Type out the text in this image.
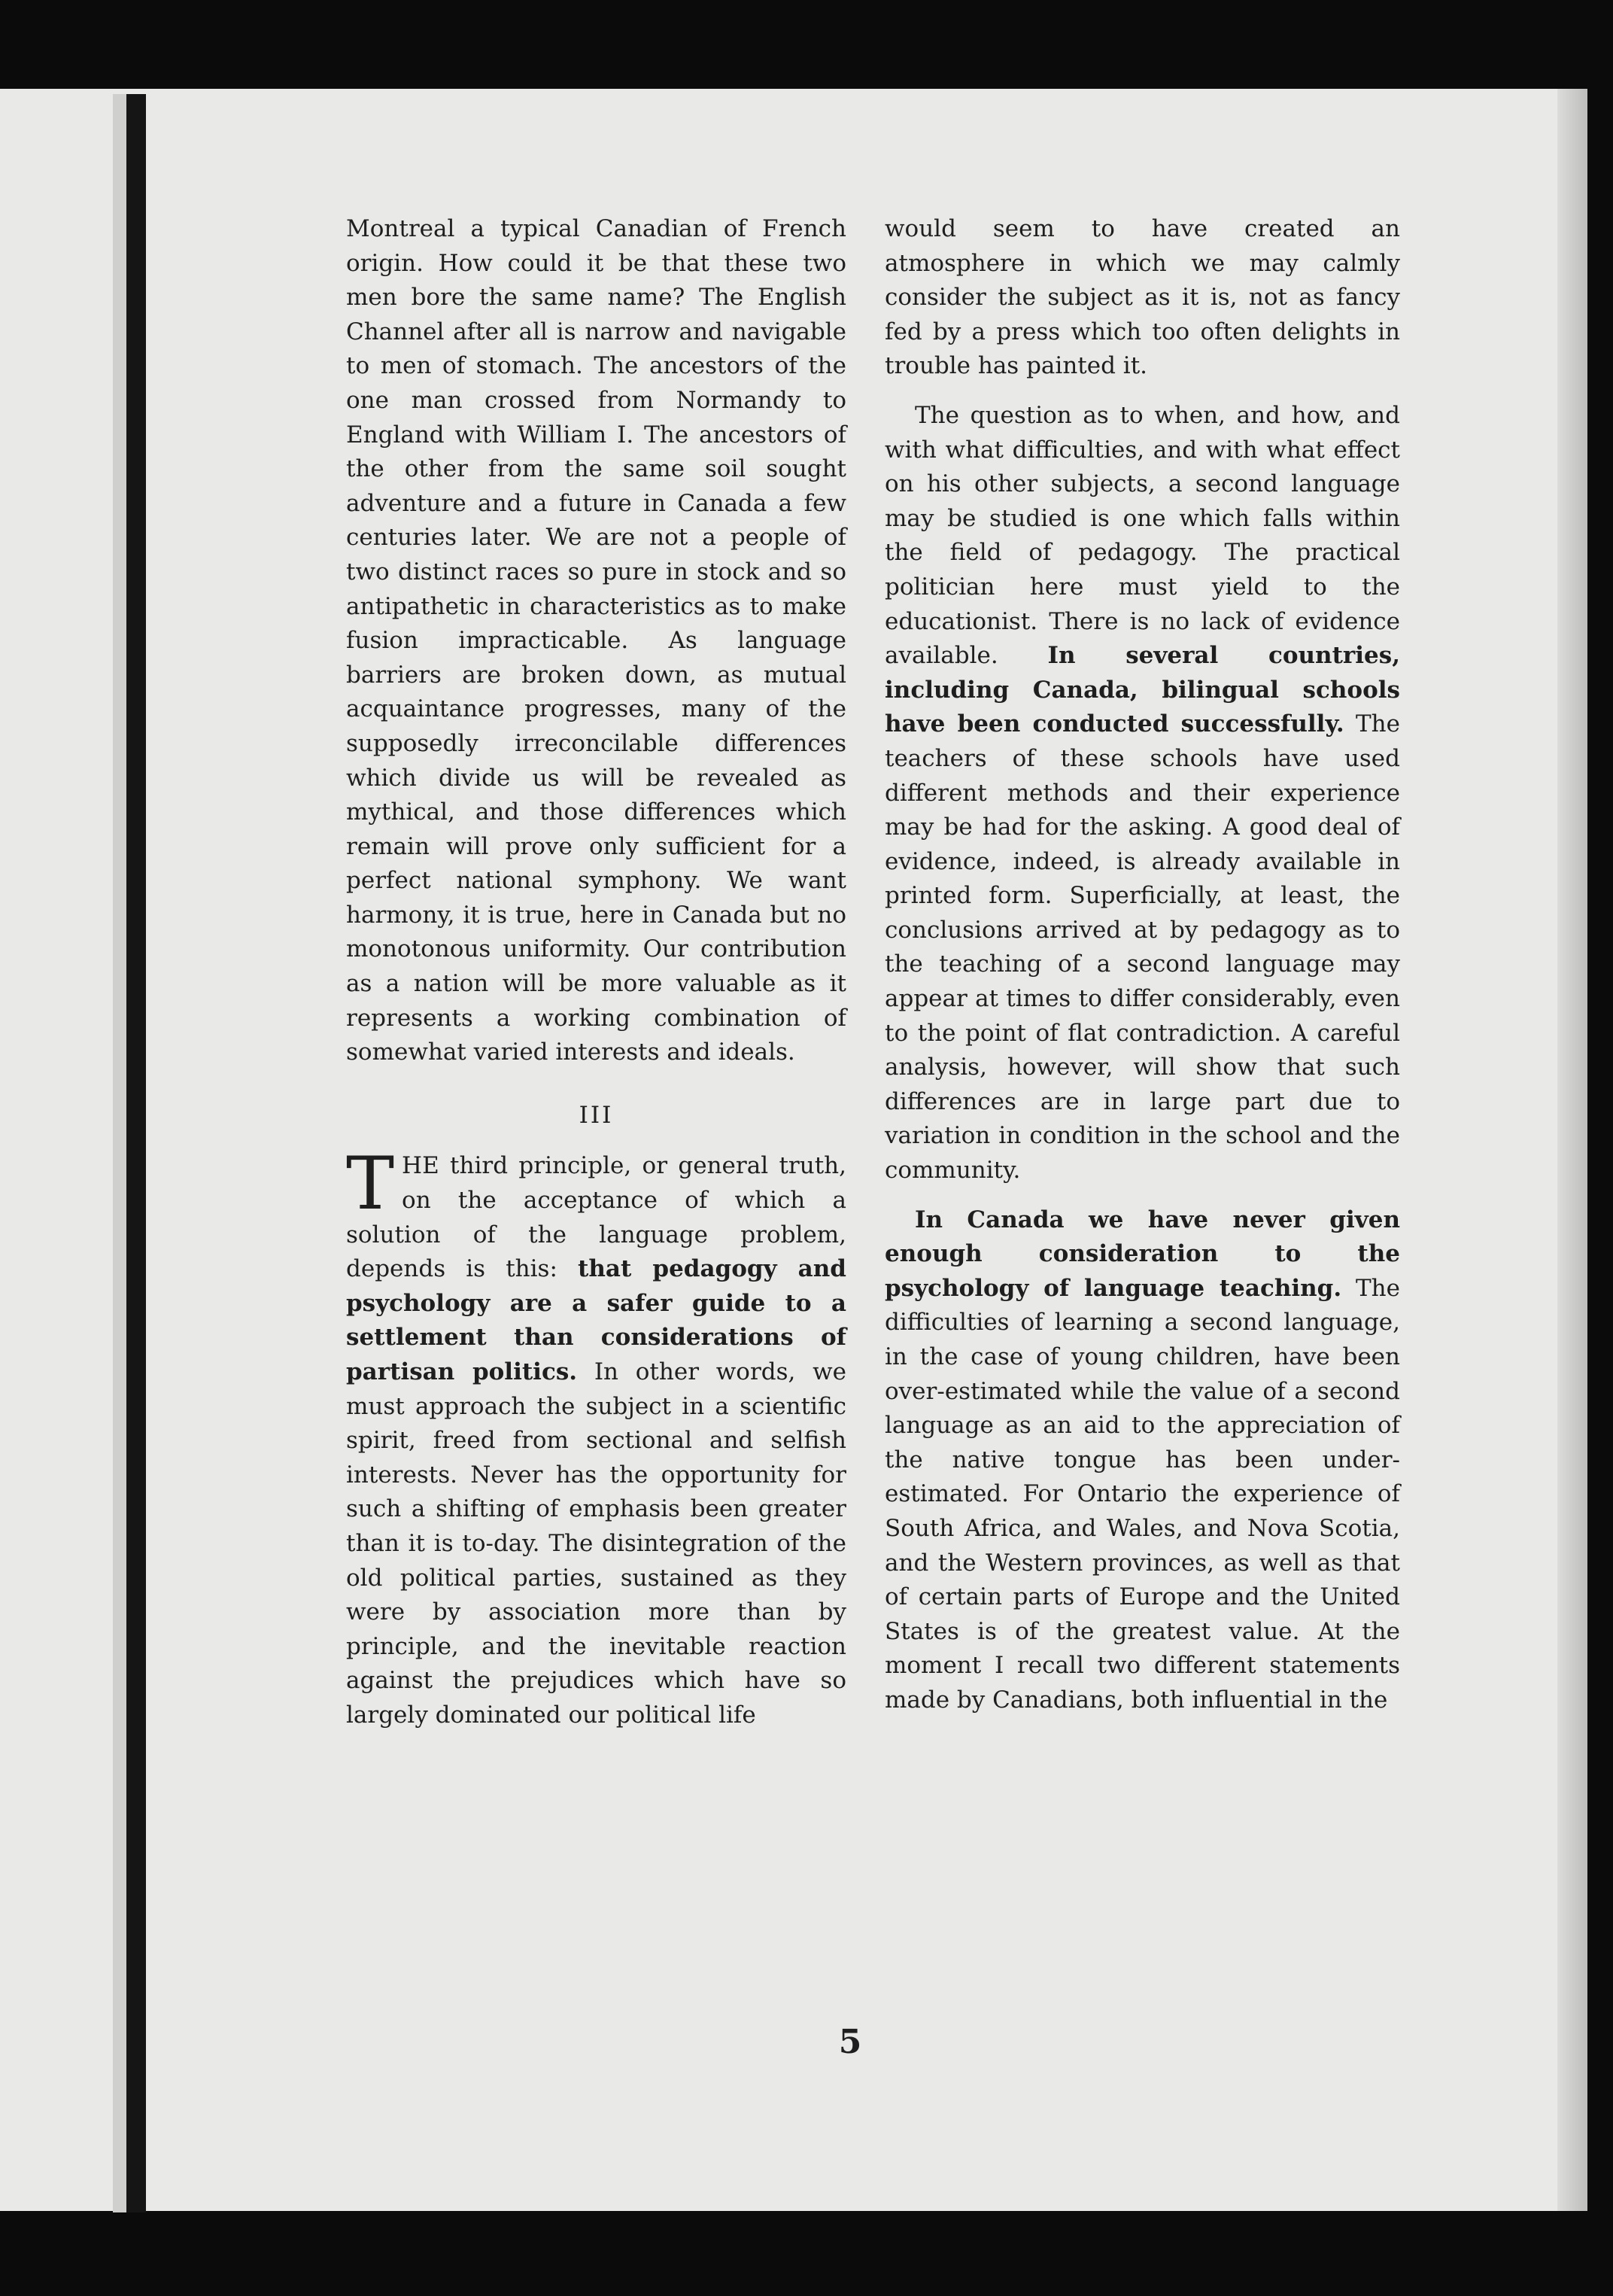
Montreal a typical Canadian of French origin. How could it be that these two men bore the same name? The English Channel after all is narrow and navigable to men of stomach. The ancestors of the one man crossed from Normandy to England with William I. The ancestors of the other from the same soil sought adventure and a future in Canada a few centuries later. We are not a people of two distinct races so pure in stock and so antipathetic in characteristics as to make fusion impracticable. As language barriers are broken down, as mutual acquaintance progresses, many of the supposedly irreconcilable differences which divide us will be revealed as mythical, and those differences which remain will prove only sufficient for a perfect national symphony. We want harmony, it is true, here in Canada but no monotonous uniformity. Our contribution as a nation will be more valuable as it represents a working combination of somewhat varied interests and ideals.

III

THE third principle, or general truth, on the acceptance of which a solution of the language problem, depends is this: that pedagogy and psychology are a safer guide to a settlement than considerations of partisan politics. In other words, we must approach the subject in a scientific spirit, freed from sectional and selfish interests. Never has the opportunity for such a shifting of emphasis been greater than it is to-day. The disintegration of the old political parties, sustained as they were by association more than by principle, and the inevitable reaction against the prejudices which have so largely dominated our political life

would seem to have created an atmosphere in which we may calmly consider the subject as it is, not as fancy fed by a press which too often delights in trouble has painted it.

The question as to when, and how, and with what difficulties, and with what effect on his other subjects, a second language may be studied is one which falls within the field of pedagogy. The practical politician here must yield to the educationist. There is no lack of evidence available. In several countries, including Canada, bilingual schools have been conducted successfully. The teachers of these schools have used different methods and their experience may be had for the asking. A good deal of evidence, indeed, is already available in printed form. Superficially, at least, the conclusions arrived at by pedagogy as to the teaching of a second language may appear at times to differ considerably, even to the point of flat contradiction. A careful analysis, however, will show that such differences are in large part due to variation in condition in the school and the community.

In Canada we have never given enough consideration to the psychology of language teaching. The difficulties of learning a second language, in the case of young children, have been over-estimated while the value of a second language as an aid to the appreciation of the native tongue has been under-estimated. For Ontario the experience of South Africa, and Wales, and Nova Scotia, and the Western provinces, as well as that of certain parts of Europe and the United States is of the greatest value. At the moment I recall two different statements made by Canadians, both influential in the

5
